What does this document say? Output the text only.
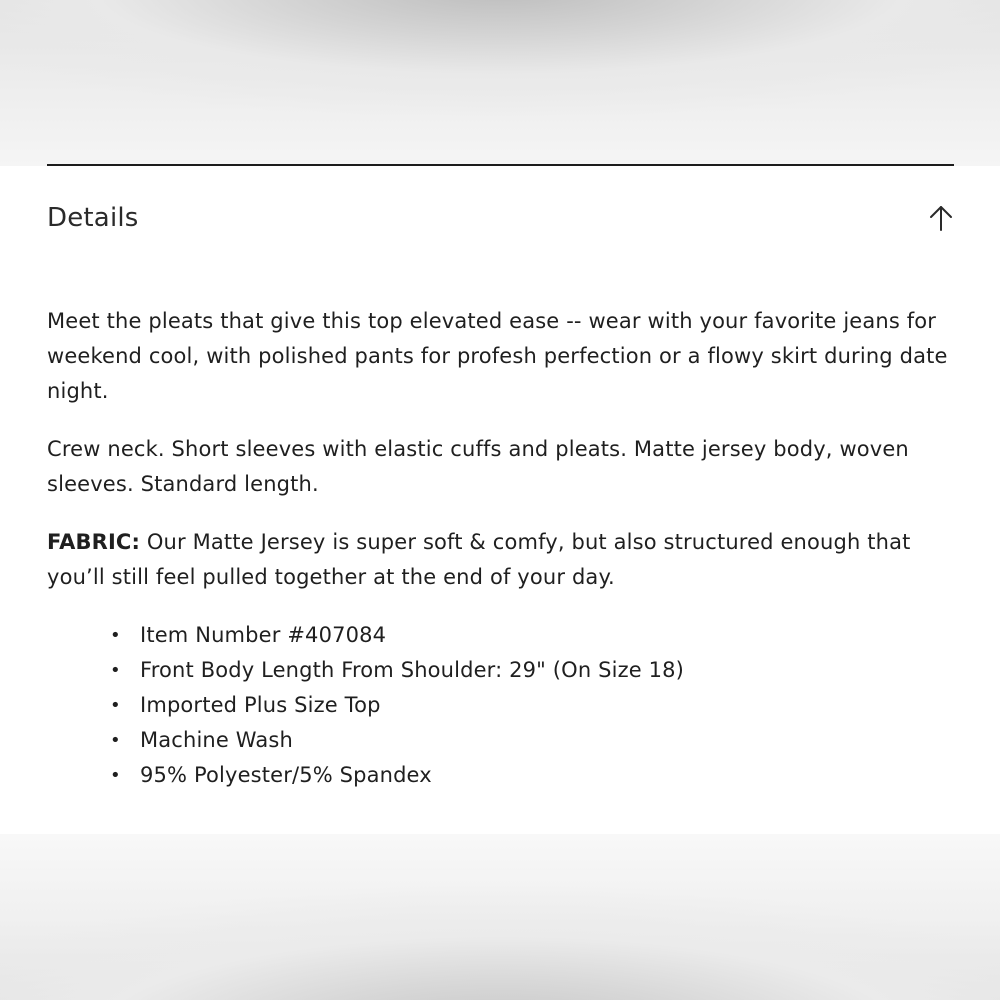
Details

Meet the pleats that give this top elevated ease -- wear with your favorite jeans for weekend cool, with polished pants for profesh perfection or a flowy skirt during date night.

Crew neck. Short sleeves with elastic cuffs and pleats. Matte jersey body, woven sleeves. Standard length.

FABRIC: Our Matte Jersey is super soft & comfy, but also structured enough that you’ll still feel pulled together at the end of your day.

• Item Number #407084
• Front Body Length From Shoulder: 29" (On Size 18)
• Imported Plus Size Top
• Machine Wash
• 95% Polyester/5% Spandex
